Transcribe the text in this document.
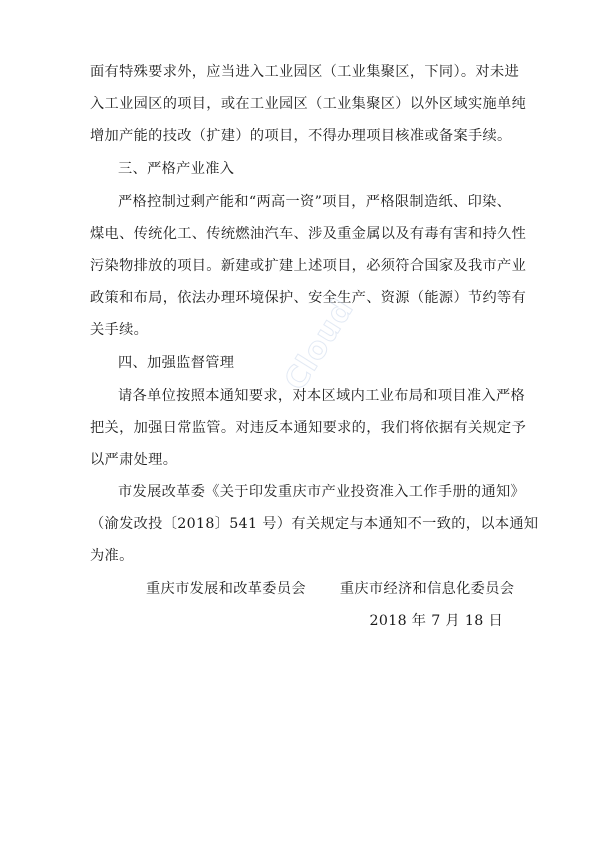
面有特殊要求外，应当进入工业园区（工业集聚区，下同）。对未进
入工业园区的项目，或在工业园区（工业集聚区）以外区域实施单纯
增加产能的技改（扩建）的项目，不得办理项目核准或备案手续。
三、严格产业准入
严格控制过剩产能和“两高一资”项目，严格限制造纸、印染、
煤电、传统化工、传统燃油汽车、涉及重金属以及有毒有害和持久性
污染物排放的项目。新建或扩建上述项目，必须符合国家及我市产业
政策和布局，依法办理环境保护、安全生产、资源（能源）节约等有
关手续。
四、加强监督管理
请各单位按照本通知要求，对本区域内工业布局和项目准入严格
把关，加强日常监管。对违反本通知要求的，我们将依据有关规定予
以严肃处理。
市发展改革委《关于印发重庆市产业投资准入工作手册的通知》
（渝发改投〔2018〕541 号）有关规定与本通知不一致的，以本通知
为准。
重庆市发展和改革委员会　　 重庆市经济和信息化委员会
2018 年 7 月 18 日
Cloud
